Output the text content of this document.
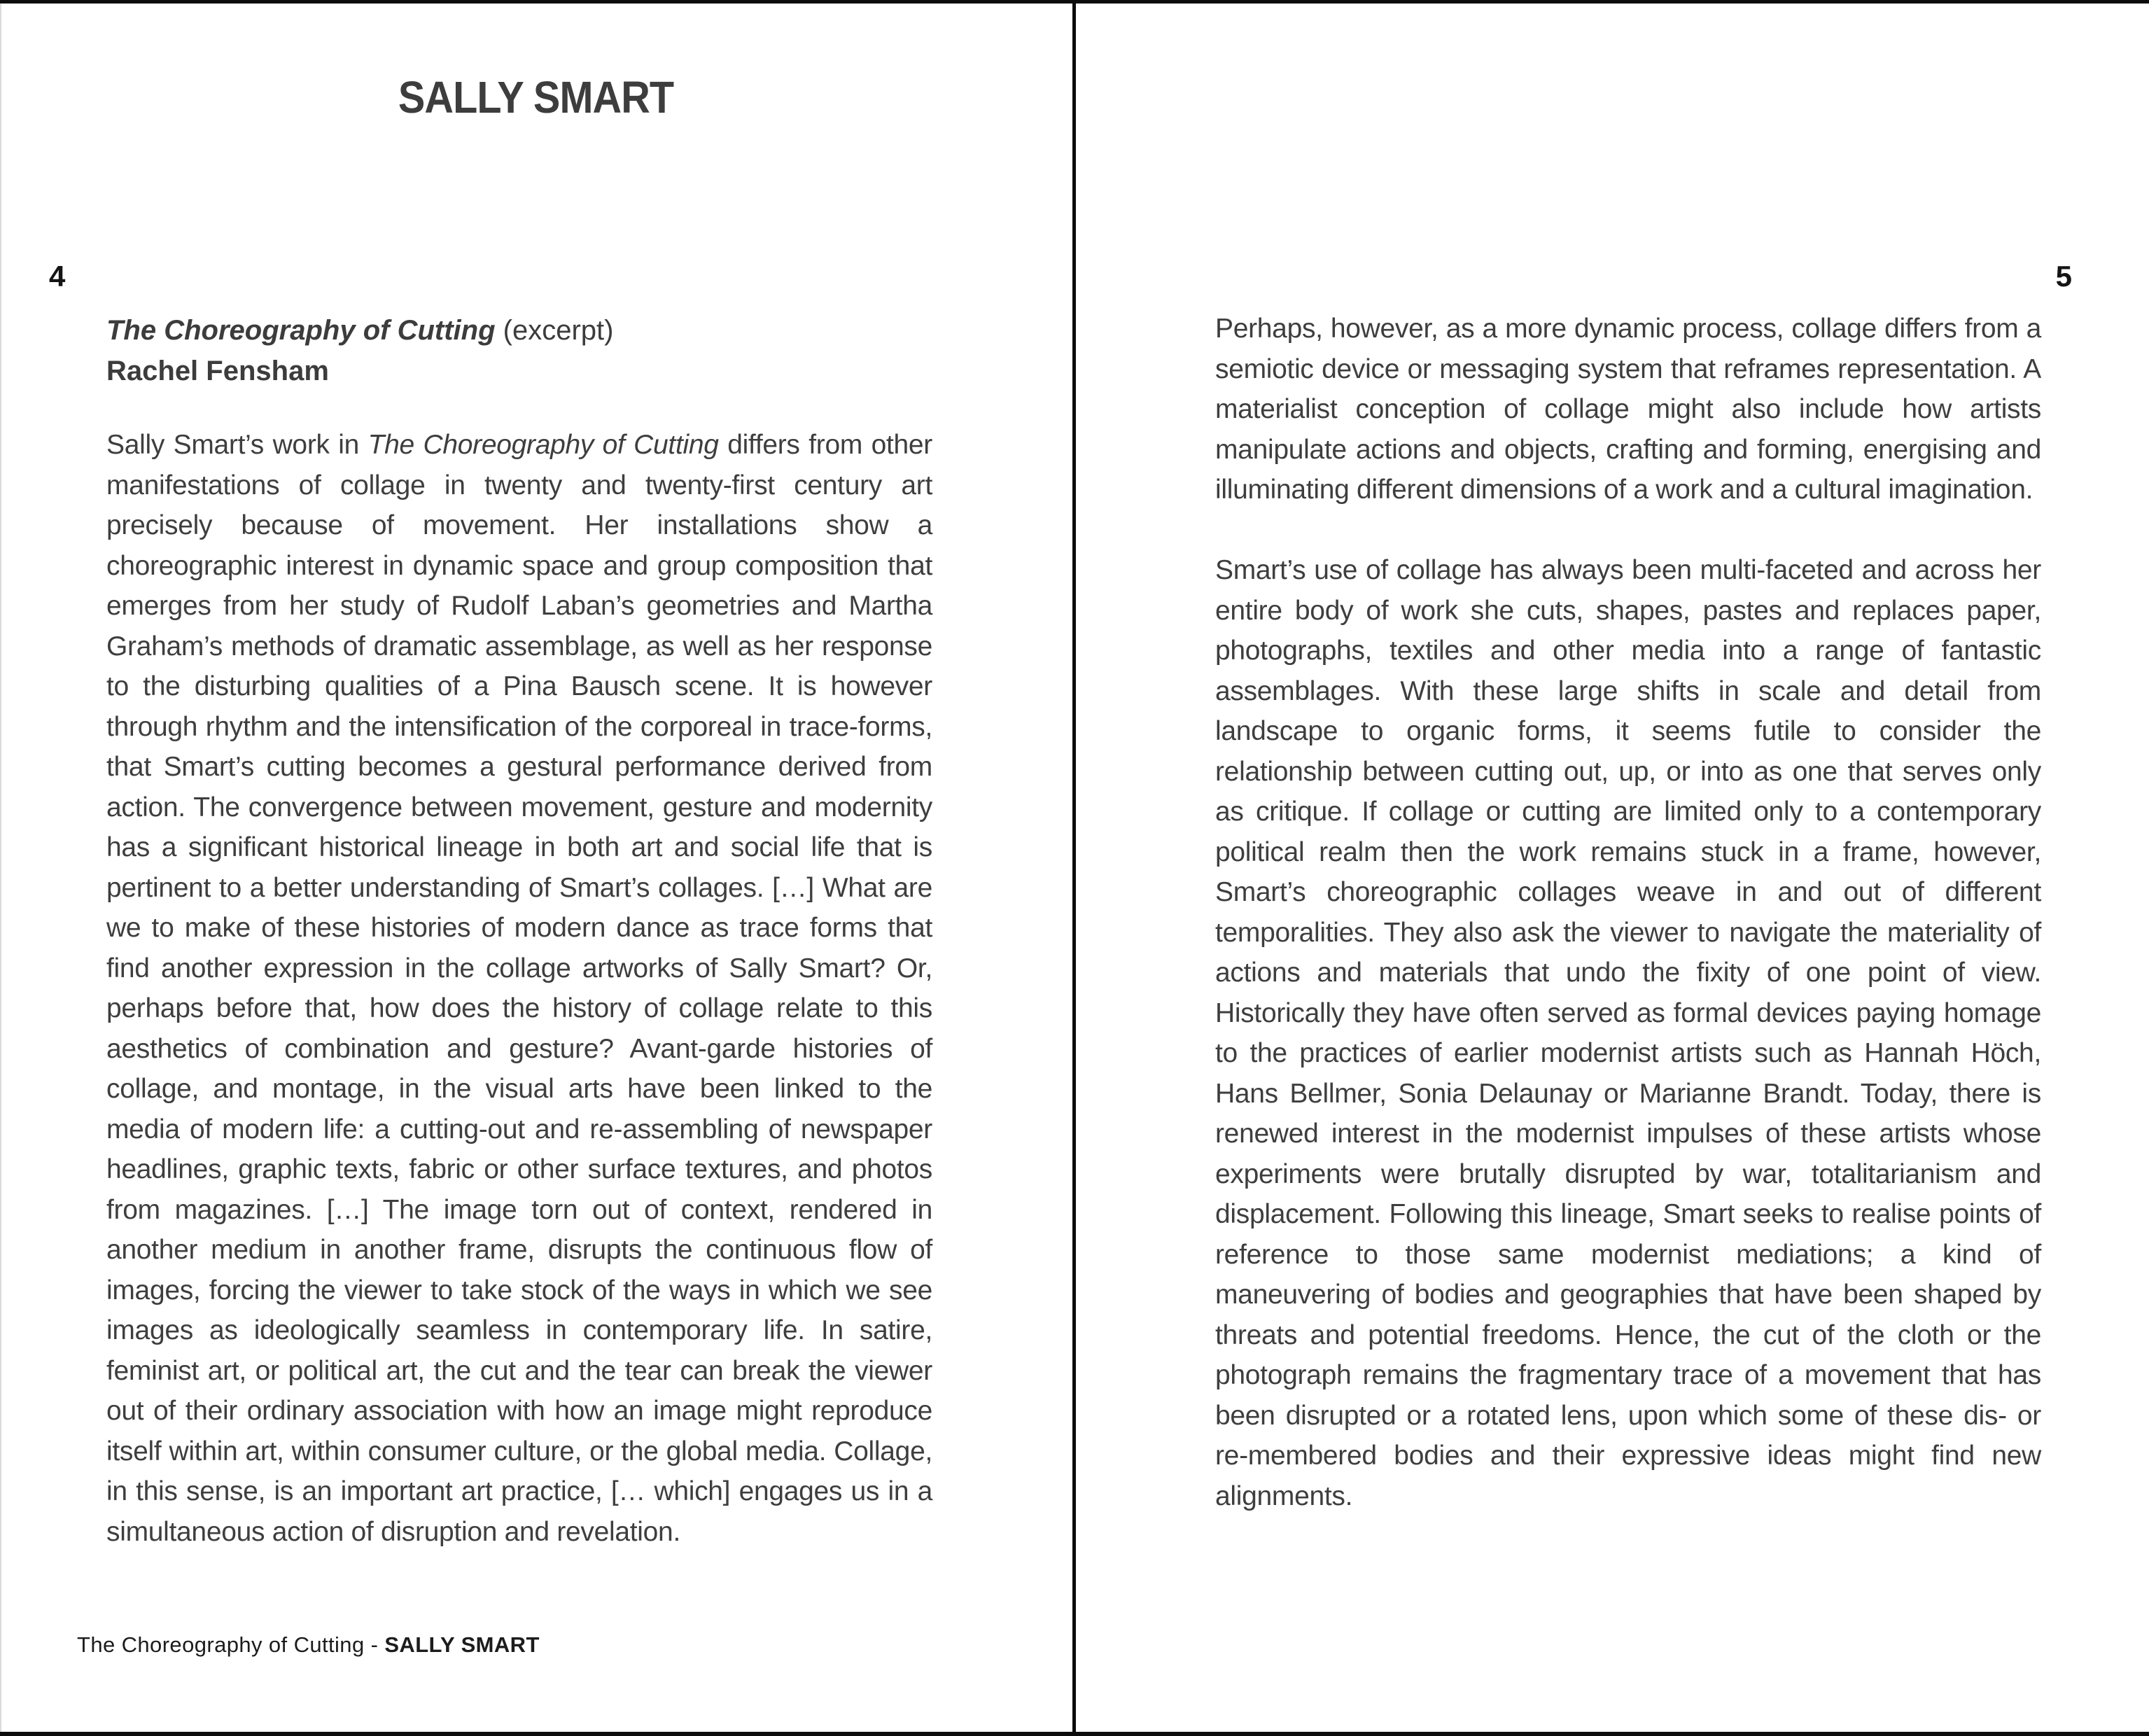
SALLY SMART
4
The Choreography of Cutting (excerpt)
Rachel Fensham

Sally Smart’s work in The Choreography of Cutting differs from other manifestations of collage in twenty and twenty-first century art precisely because of movement. Her installations show a choreographic interest in dynamic space and group composition that emerges from her study of Rudolf Laban’s geometries and Martha Graham’s methods of dramatic assemblage, as well as her response to the disturbing qualities of a Pina Bausch scene. It is however through rhythm and the intensification of the corporeal in trace-forms, that Smart’s cutting becomes a gestural performance derived from action. The convergence between movement, gesture and modernity has a significant historical lineage in both art and social life that is pertinent to a better understanding of Smart’s collages. […] What are we to make of these histories of modern dance as trace forms that find another expression in the collage artworks of Sally Smart? Or, perhaps before that, how does the history of collage relate to this aesthetics of combination and gesture? Avant-garde histories of collage, and montage, in the visual arts have been linked to the media of modern life: a cutting-out and re-assembling of newspaper headlines, graphic texts, fabric or other surface textures, and photos from magazines. […] The image torn out of context, rendered in another medium in another frame, disrupts the continuous flow of images, forcing the viewer to take stock of the ways in which we see images as ideologically seamless in contemporary life. In satire, feminist art, or political art, the cut and the tear can break the viewer out of their ordinary association with how an image might reproduce itself within art, within consumer culture, or the global media. Collage, in this sense, is an important art practice, [… which] engages us in a simultaneous action of disruption and revelation.

The Choreography of Cutting - SALLY SMART
5

Perhaps, however, as a more dynamic process, collage differs from a semiotic device or messaging system that reframes representation. A materialist conception of collage might also include how artists manipulate actions and objects, crafting and forming, energising and illuminating different dimensions of a work and a cultural imagination.

Smart’s use of collage has always been multi-faceted and across her entire body of work she cuts, shapes, pastes and replaces paper, photographs, textiles and other media into a range of fantastic assemblages. With these large shifts in scale and detail from landscape to organic forms, it seems futile to consider the relationship between cutting out, up, or into as one that serves only as critique. If collage or cutting are limited only to a contemporary political realm then the work remains stuck in a frame, however, Smart’s choreographic collages weave in and out of different temporalities. They also ask the viewer to navigate the materiality of actions and materials that undo the fixity of one point of view. Historically they have often served as formal devices paying homage to the practices of earlier modernist artists such as Hannah Höch, Hans Bellmer, Sonia Delaunay or Marianne Brandt. Today, there is renewed interest in the modernist impulses of these artists whose experiments were brutally disrupted by war, totalitarianism and displacement. Following this lineage, Smart seeks to realise points of reference to those same modernist mediations; a kind of maneuvering of bodies and geographies that have been shaped by threats and potential freedoms. Hence, the cut of the cloth or the photograph remains the fragmentary trace of a movement that has been disrupted or a rotated lens, upon which some of these dis- or re-membered bodies and their expressive ideas might find new alignments.
